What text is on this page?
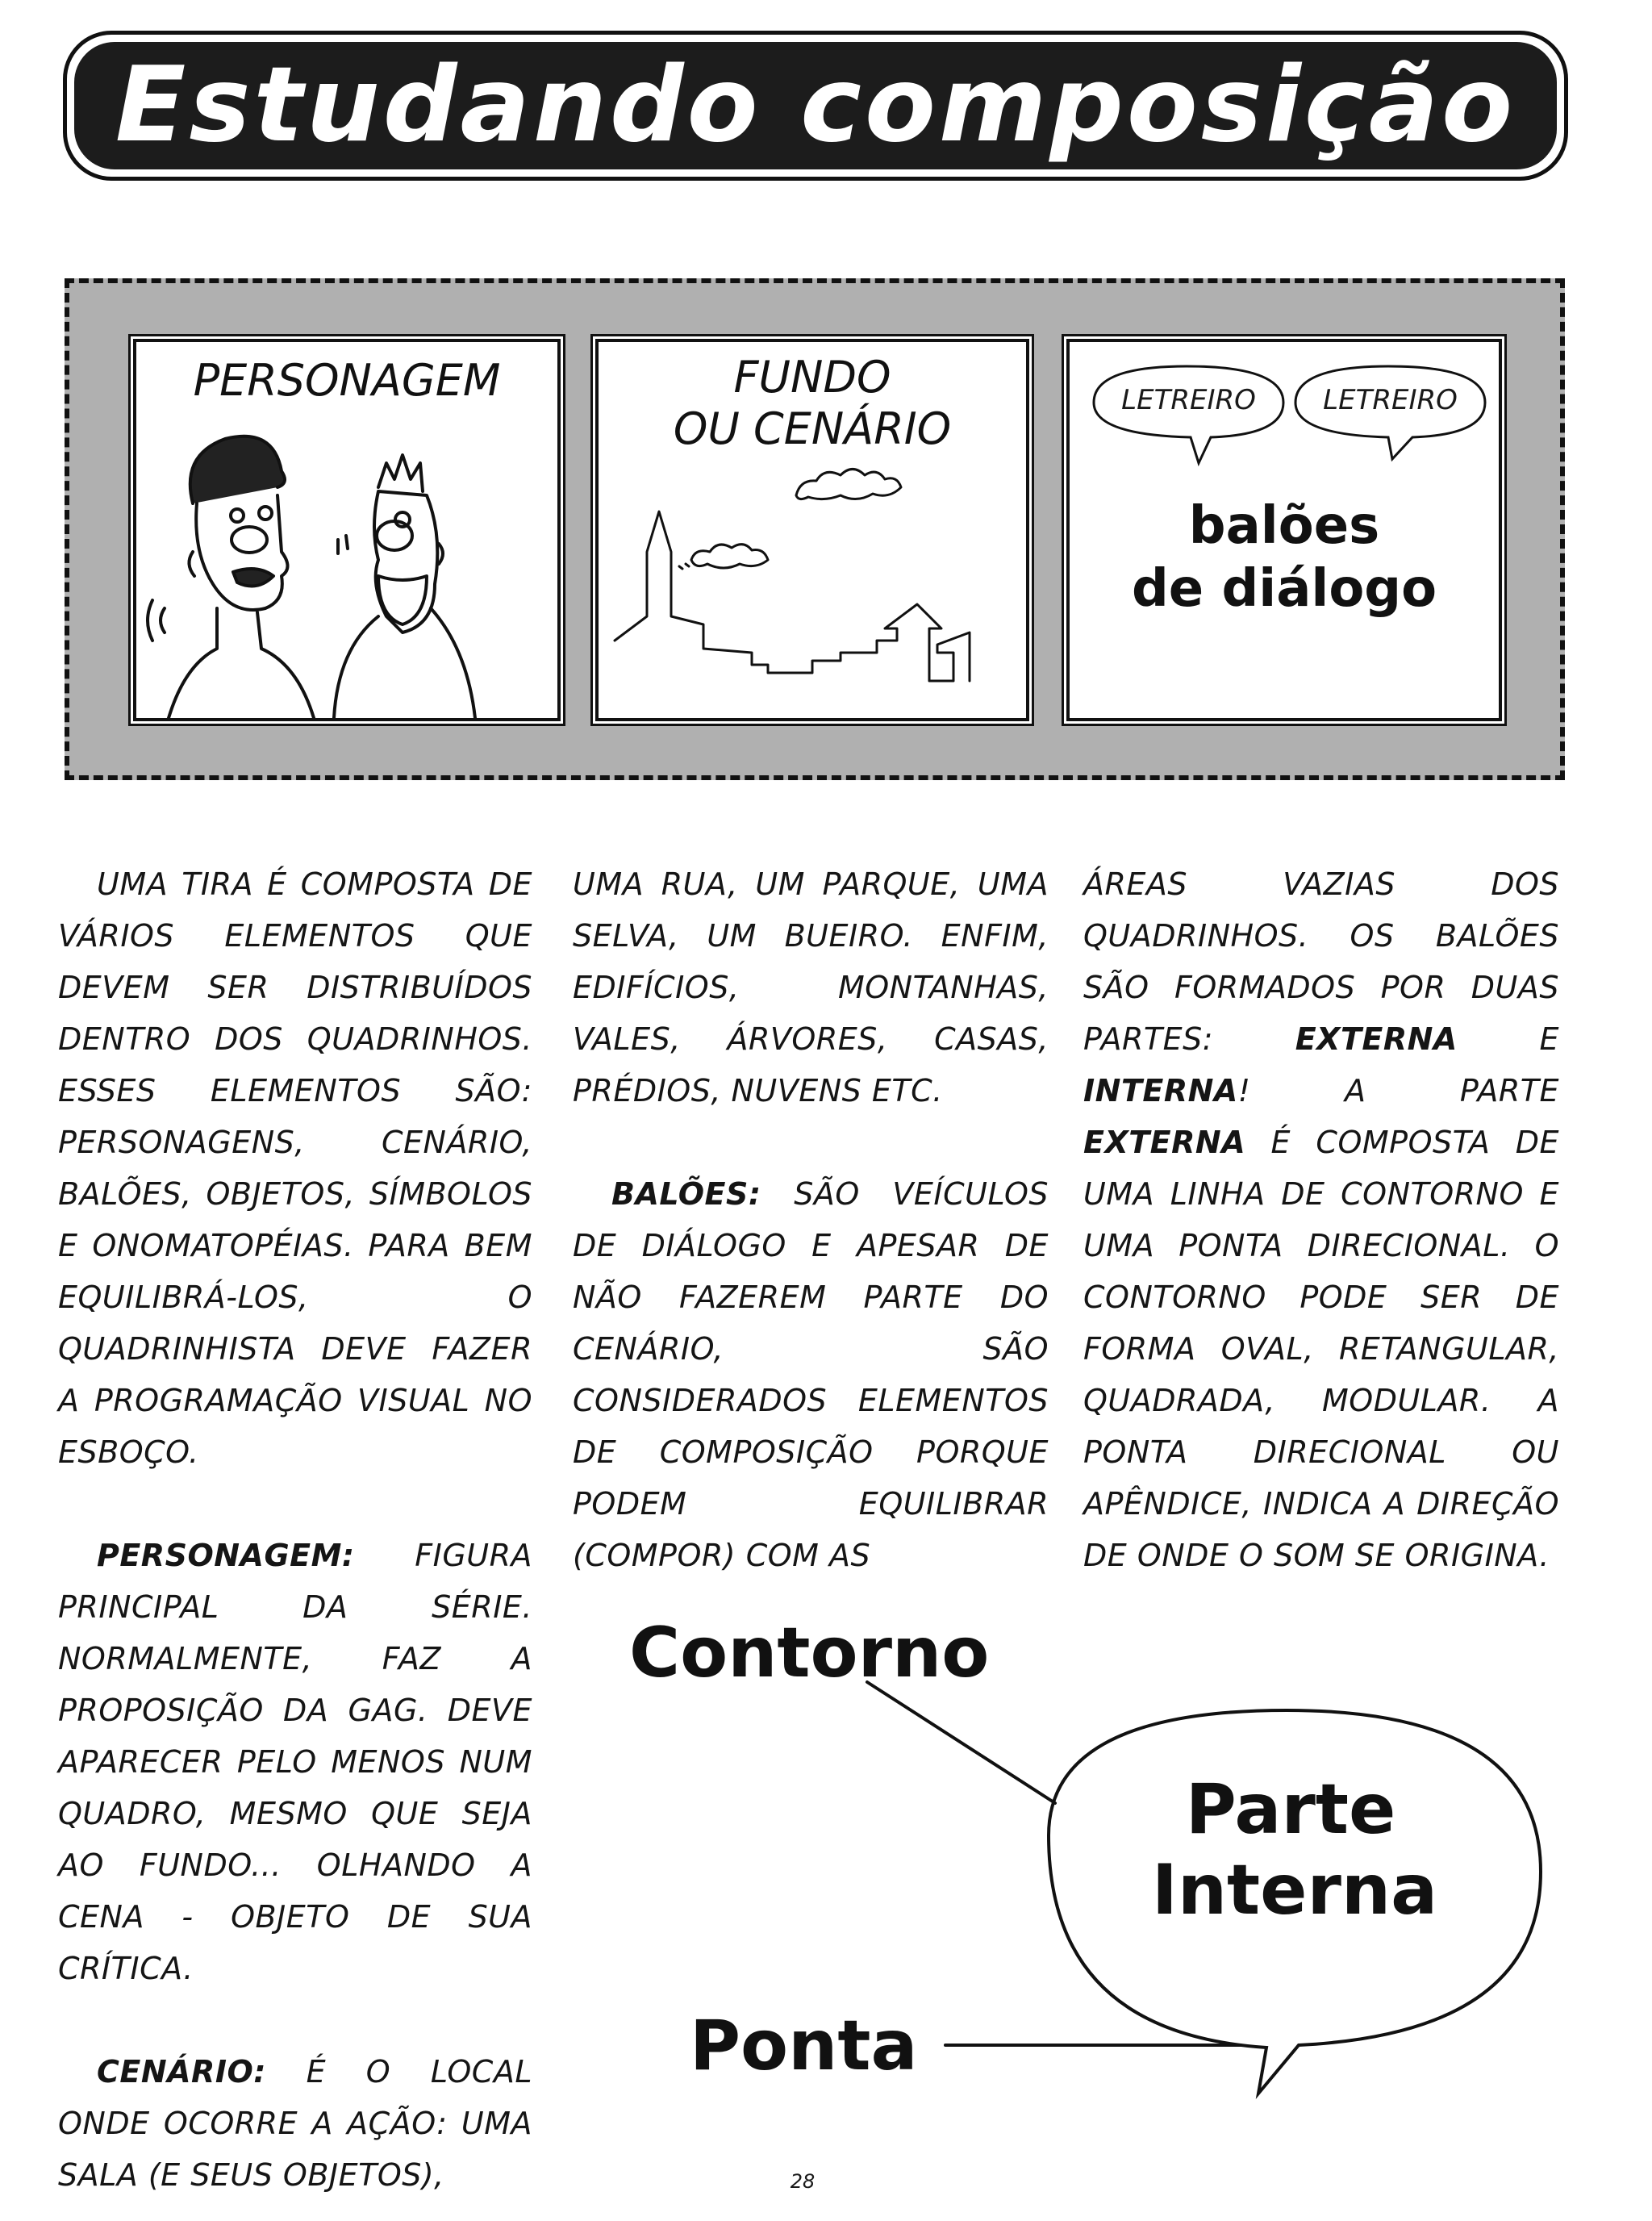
Estudando composição
PERSONAGEM	FUNDO
OU CENÁRIO
LETREIRO	LETREIRO
balões
de diálogo

UMA TIRA É COMPOSTA DE VÁRIOS ELEMENTOS QUE DEVEM SER DISTRIBUÍDOS DENTRO DOS QUADRINHOS. ESSES ELEMENTOS SÃO: PERSONAGENS, CENÁRIO, BALÕES, OBJETOS, SÍMBOLOS E ONOMATOPÉIAS. PARA BEM EQUILIBRÁ-LOS, O QUADRINHISTA DEVE FAZER A PROGRAMAÇÃO VISUAL NO ESBOÇO.

PERSONAGEM: FIGURA PRINCIPAL DA SÉRIE. NORMALMENTE, FAZ A PROPOSIÇÃO DA GAG. DEVE APARECER PELO MENOS NUM QUADRO, MESMO QUE SEJA AO FUNDO... OLHANDO A CENA - OBJETO DE SUA CRÍTICA.

CENÁRIO: É O LOCAL ONDE OCORRE A AÇÃO: UMA SALA (E SEUS OBJETOS),

UMA RUA, UM PARQUE, UMA SELVA, UM BUEIRO. ENFIM, EDIFÍCIOS, MONTANHAS, VALES, ÁRVORES, CASAS, PRÉDIOS, NUVENS ETC.

BALÕES: SÃO VEÍCULOS DE DIÁLOGO E APESAR DE NÃO FAZEREM PARTE DO CENÁRIO, SÃO CONSIDERADOS ELEMENTOS DE COMPOSIÇÃO PORQUE PODEM EQUILIBRAR (COMPOR) COM AS

ÁREAS VAZIAS DOS QUADRINHOS. OS BALÕES SÃO FORMADOS POR DUAS PARTES: EXTERNA E INTERNA! A PARTE EXTERNA É COMPOSTA DE UMA LINHA DE CONTORNO E UMA PONTA DIRECIONAL. O CONTORNO PODE SER DE FORMA OVAL, RETANGULAR, QUADRADA, MODULAR. A PONTA DIRECIONAL OU APÊNDICE, INDICA A DIREÇÃO DE ONDE O SOM SE ORIGINA.

Contorno
Parte
Interna
Ponta
28
